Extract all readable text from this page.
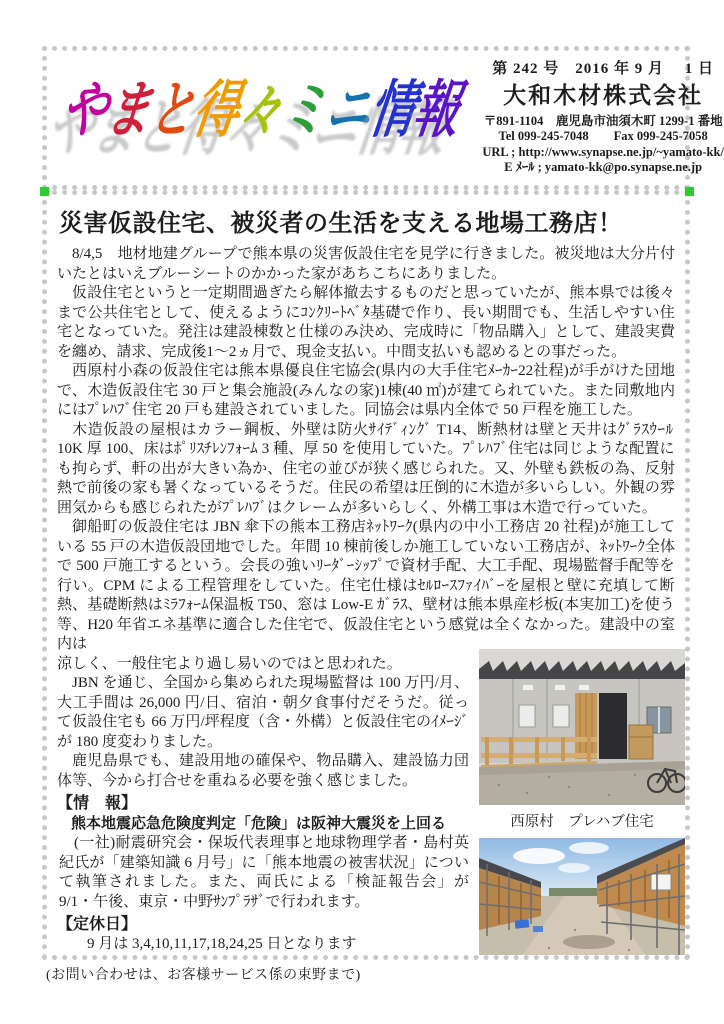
やまと得々ミニ情報
第 242 号　2016 年 9 月　 1 日
大和木材株式会社
〒891-1104　鹿児島市油須木町 1299-1 番地
Tel 099-245-7048　　Fax 099-245-7058
URL ; http://www.synapse.ne.jp/~yamato-kk/
E ﾒｰﾙ ; yamato-kk@po.synapse.ne.jp
災害仮設住宅、被災者の生活を支える地場工務店！

8/4,5　地材地建グループで熊本県の災害仮設住宅を見学に行きました。被災地は大分片付いたとはいえブルーシートのかかった家があちこちにありました。

仮設住宅というと一定期間過ぎたら解体撤去するものだと思っていたが、熊本県では後々まで公共住宅として、使えるようにｺﾝｸﾘｰﾄﾍﾞﾀ基礎で作り、長い期間でも、生活しやすい住宅となっていた。発注は建設棟数と仕様のみ決め、完成時に「物品購入」として、建設実費を纏め、請求、完成後1～2ヵ月で、現金支払い。中間支払いも認めるとの事だった。

西原村小森の仮設住宅は熊本県優良住宅協会(県内の大手住宅ﾒｰｶｰ22社程)が手がけた団地で、木造仮設住宅 30 戸と集会施設(みんなの家)1棟(40 ㎡)が建てられていた。また同敷地内にはﾌﾟﾚﾊﾌﾞ住宅 20 戸も建設されていました。同協会は県内全体で 50 戸程を施工した。

木造仮設の屋根はカラー鋼板、外壁は防火ｻｲﾃﾞｨﾝｸﾞ T14、断熱材は壁と天井はｸﾞﾗｽｳｰﾙ 10K 厚 100、床はﾎﾟﾘｽﾁﾚﾝﾌｫｰﾑ 3 種、厚 50 を使用していた。ﾌﾟﾚﾊﾌﾞ住宅は同じような配置にも拘らず、軒の出が大きい為か、住宅の並びが狭く感じられた。又、外壁も鉄板の為、反射熱で前後の家も暑くなっているそうだ。住民の希望は圧倒的に木造が多いらしい。外観の雰囲気からも感じられたがﾌﾟﾚﾊﾌﾞはクレームが多いらしく、外構工事は木造で行っていた。

御船町の仮設住宅は JBN 傘下の熊本工務店ﾈｯﾄﾜｰｸ(県内の中小工務店 20 社程)が施工している 55 戸の木造仮設団地でした。年間 10 棟前後しか施工していない工務店が、ﾈｯﾄﾜｰｸ全体で 500 戸施工するという。会長の強いﾘｰﾀﾞｰｼｯﾌﾟで資材手配、大工手配、現場監督手配等を行い。CPM による工程管理をしていた。住宅仕様はｾﾙﾛｰｽﾌｧｲﾊﾞｰを屋根と壁に充填して断熱、基礎断熱はﾐﾗﾌｫｰﾑ保温板 T50、窓は Low-E ｶﾞﾗｽ、壁材は熊本県産杉板(本実加工)を使う等、H20 年省エネ基準に適合した住宅で、仮設住宅という感覚は全くなかった。建設中の室内は

涼しく、一般住宅より過し易いのではと思われた。

JBN を通じ、全国から集められた現場監督は 100 万円/月、大工手間は 26,000 円/日、宿泊・朝夕食事付だそうだ。従って仮設住宅も 66 万円/坪程度（含・外構）と仮設住宅のｲﾒｰｼﾞが 180 度変わりました。

鹿児島県でも、建設用地の確保や、物品購入、建設協力団体等、今から打合せを重ねる必要を強く感じました。

【情　報】

熊本地震応急危険度判定「危険」は阪神大震災を上回る

(一社)耐震研究会・保坂代表理事と地球物理学者・島村英紀氏が「建築知識 6 月号」に「熊本地震の被害状況」について執筆されました。また、両氏による「検証報告会」が 9/1・午後、東京・中野ｻﾝﾌﾟﾗｻﾞで行われます。

【定休日】

9 月は 3,4,10,11,17,18,24,25 日となります

西原村　プレハブ住宅
(お問い合わせは、お客様サービス係の束野まで)
